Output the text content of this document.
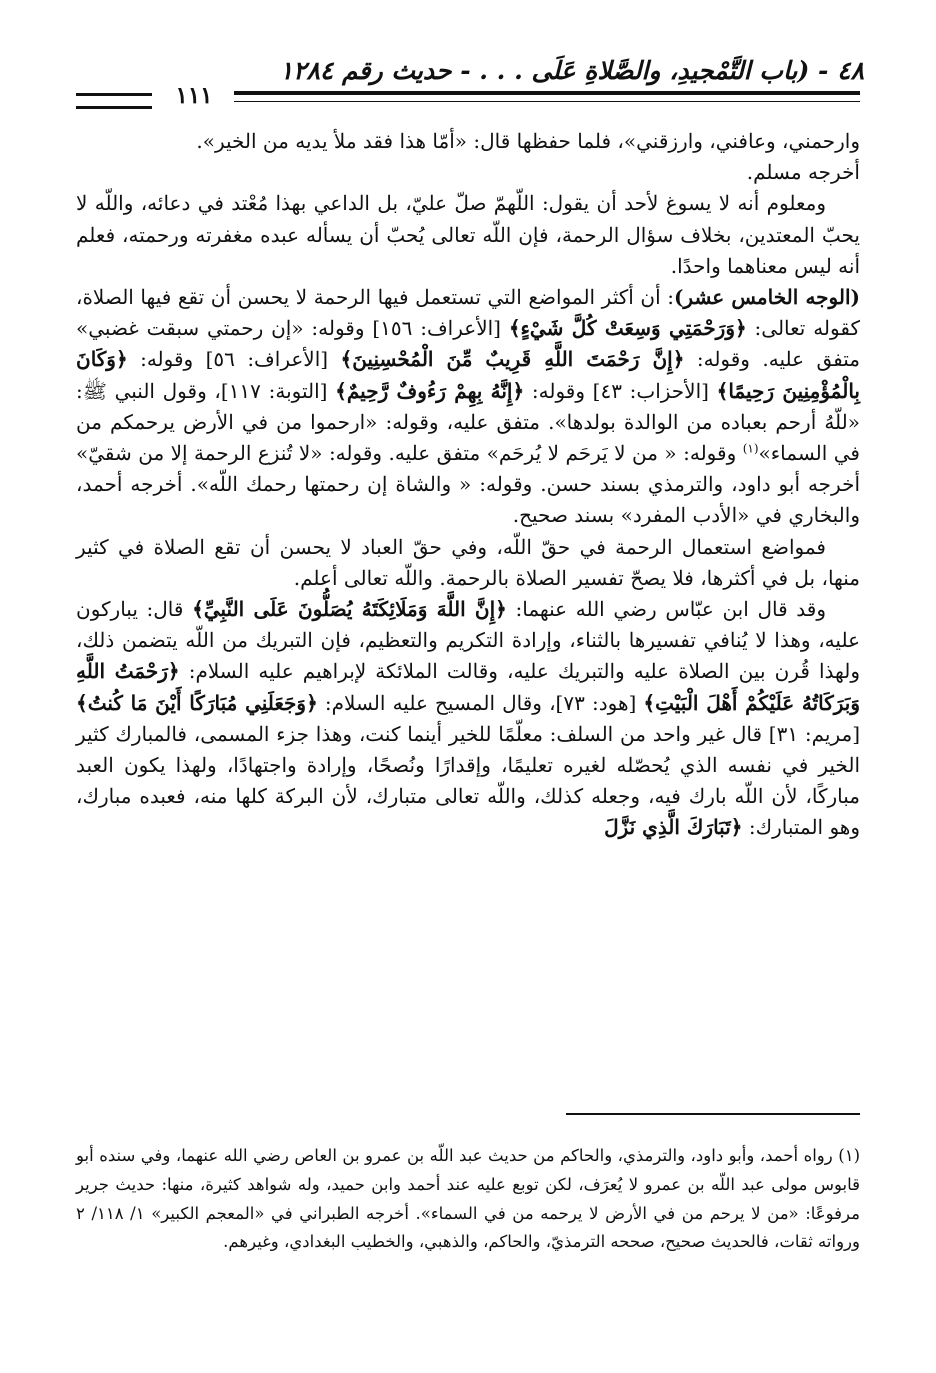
٤٨ - (باب التَّمْجيدِ، والصَّلاةِ عَلَى . . . - حديث رقم ١٢٨٤
١١١

وارحمني، وعافني، وارزقني»، فلما حفظها قال: «أمّا هذا فقد ملأ يديه من الخير».
أخرجه مسلم.

ومعلوم أنه لا يسوغ لأحد أن يقول: اللّهمّ صلّ عليّ، بل الداعي بهذا مُعْتد في دعائه، واللّه لا يحبّ المعتدين، بخلاف سؤال الرحمة، فإن اللّه تعالى يُحبّ أن يسأله عبده مغفرته ورحمته، فعلم أنه ليس معناهما واحدًا.

(الوجه الخامس عشر): أن أكثر المواضع التي تستعمل فيها الرحمة لا يحسن أن تقع فيها الصلاة، كقوله تعالى: ﴿وَرَحْمَتِي وَسِعَتْ كُلَّ شَيْءٍ﴾ [الأعراف: ١٥٦] وقوله: «إن رحمتي سبقت غضبي» متفق عليه. وقوله: ﴿إِنَّ رَحْمَتَ اللَّهِ قَرِيبٌ مِّنَ الْمُحْسِنِينَ﴾ [الأعراف: ٥٦] وقوله: ﴿وَكَانَ بِالْمُؤْمِنِينَ رَحِيمًا﴾ [الأحزاب: ٤٣] وقوله: ﴿إِنَّهُ بِهِمْ رَءُوفٌ رَّحِيمٌ﴾ [التوبة: ١١٧]، وقول النبي ﷺ: «للّهُ أرحم بعباده من الوالدة بولدها». متفق عليه، وقوله: «ارحموا من في الأرض يرحمكم من في السماء»$^{(١)}$ وقوله: « من لا يَرحَم لا يُرحَم» متفق عليه. وقوله: «لا تُنزع الرحمة إلا من شقيّ» أخرجه أبو داود، والترمذي بسند حسن. وقوله: « والشاة إن رحمتها رحمك اللّه». أخرجه أحمد، والبخاري في «الأدب المفرد» بسند صحيح.

فمواضع استعمال الرحمة في حقّ اللّه، وفي حقّ العباد لا يحسن أن تقع الصلاة في كثير منها، بل في أكثرها، فلا يصحّ تفسير الصلاة بالرحمة. واللّه تعالى أعلم.

وقد قال ابن عبّاس رضي الله عنهما: ﴿إِنَّ اللَّهَ وَمَلَائِكَتَهُ يُصَلُّونَ عَلَى النَّبِيِّ﴾ قال: يباركون عليه، وهذا لا يُنافي تفسيرها بالثناء، وإرادة التكريم والتعظيم، فإن التبريك من اللّه يتضمن ذلك، ولهذا قُرن بين الصلاة عليه والتبريك عليه، وقالت الملائكة لإبراهيم عليه السلام: ﴿رَحْمَتُ اللَّهِ وَبَرَكَاتُهُ عَلَيْكُمْ أَهْلَ الْبَيْتِ﴾ [هود: ٧٣]، وقال المسيح عليه السلام: ﴿وَجَعَلَنِي مُبَارَكًا أَيْنَ مَا كُنتُ﴾ [مريم: ٣١] قال غير واحد من السلف: معلّمًا للخير أينما كنت، وهذا جزء المسمى، فالمبارك كثير الخير في نفسه الذي يُحصّله لغيره تعليمًا، وإقدارًا ونُصحًا، وإرادة واجتهادًا، ولهذا يكون العبد مباركًا، لأن اللّه بارك فيه، وجعله كذلك، واللّه تعالى متبارك، لأن البركة كلها منه، فعبده مبارك، وهو المتبارك: ﴿تَبَارَكَ الَّذِي نَزَّلَ

(١) رواه أحمد، وأبو داود، والترمذي، والحاكم من حديث عبد اللّه بن عمرو بن العاص رضي الله عنهما، وفي سنده أبو قابوس مولى عبد اللّه بن عمرو لا يُعرَف، لكن توبع عليه عند أحمد وابن حميد، وله شواهد كثيرة، منها: حديث جرير مرفوعًا: «من لا يرحم من في الأرض لا يرحمه من في السماء». أخرجه الطبراني في «المعجم الكبير» ١/ ١١٨/ ٢ ورواته ثقات، فالحديث صحيح، صححه الترمذيّ، والحاكم، والذهبي، والخطيب البغدادي، وغيرهم.
